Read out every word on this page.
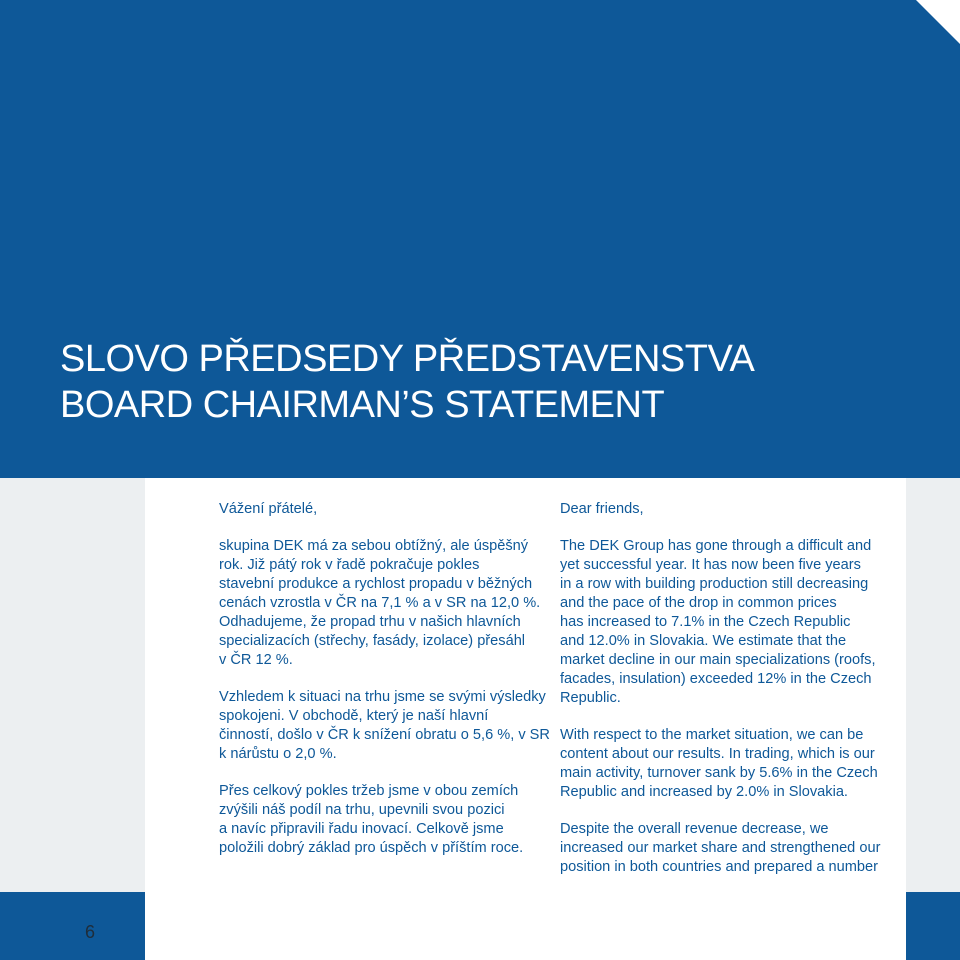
SLOVO PŘEDSEDY PŘEDSTAVENSTVA
BOARD CHAIRMAN’S STATEMENT
6
Vážení přátelé,
skupina DEK má za sebou obtížný, ale úspěšný
rok. Již pátý rok v řadě pokračuje pokles
stavební produkce a rychlost propadu v běžných
cenách vzrostla v ČR na 7,1 % a v SR na 12,0 %.
Odhadujeme, že propad trhu v našich hlavních
specializacích (střechy, fasády, izolace) přesáhl
v ČR 12 %.
Vzhledem k situaci na trhu jsme se svými výsledky
spokojeni. V obchodě, který je naší hlavní
činností, došlo v ČR k snížení obratu o 5,6 %, v SR
k nárůstu o 2,0 %.
Přes celkový pokles tržeb jsme v obou zemích
zvýšili náš podíl na trhu, upevnili svou pozici
a navíc připravili řadu inovací. Celkově jsme
položili dobrý základ pro úspěch v příštím roce.
Dear friends,
The DEK Group has gone through a difficult and
yet successful year. It has now been five years
in a row with building production still decreasing
and the pace of the drop in common prices
has increased to 7.1% in the Czech Republic
and 12.0% in Slovakia. We estimate that the
market decline in our main specializations (roofs,
facades, insulation) exceeded 12% in the Czech
Republic.
With respect to the market situation, we can be
content about our results. In trading, which is our
main activity, turnover sank by 5.6% in the Czech
Republic and increased by 2.0% in Slovakia.
Despite the overall revenue decrease, we
increased our market share and strengthened our
position in both countries and prepared a number
